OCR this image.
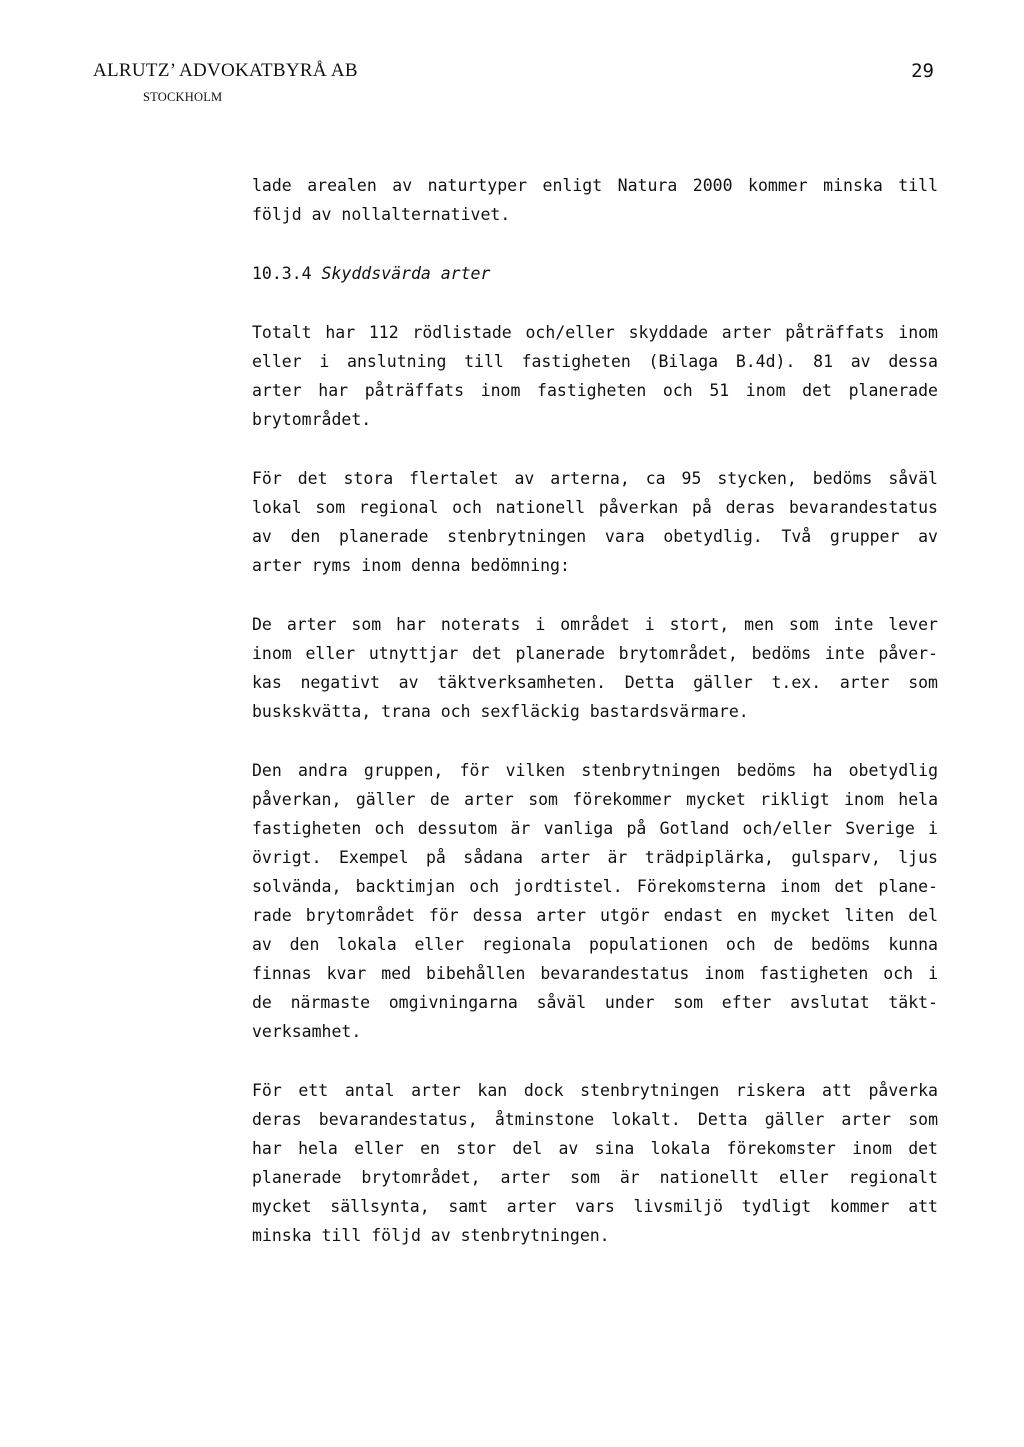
ALRUTZ’ ADVOKATBYRÅ AB
STOCKHOLM
29
lade arealen av naturtyper enligt Natura 2000 kommer minska till
följd av nollalternativet.
10.3.4 Skyddsvärda arter
Totalt har 112 rödlistade och/eller skyddade arter påträffats inom
eller i anslutning till fastigheten (Bilaga B.4d). 81 av dessa
arter har påträffats inom fastigheten och 51 inom det planerade
brytområdet.
För det stora flertalet av arterna, ca 95 stycken, bedöms såväl
lokal som regional och nationell påverkan på deras bevarandestatus
av den planerade stenbrytningen vara obetydlig. Två grupper av
arter ryms inom denna bedömning:
De arter som har noterats i området i stort, men som inte lever
inom eller utnyttjar det planerade brytområdet, bedöms inte påver-
kas negativt av täktverksamheten. Detta gäller t.ex. arter som
buskskvätta, trana och sexfläckig bastardsvärmare.
Den andra gruppen, för vilken stenbrytningen bedöms ha obetydlig
påverkan, gäller de arter som förekommer mycket rikligt inom hela
fastigheten och dessutom är vanliga på Gotland och/eller Sverige i
övrigt. Exempel på sådana arter är trädpiplärka, gulsparv, ljus
solvända, backtimjan och jordtistel. Förekomsterna inom det plane-
rade brytområdet för dessa arter utgör endast en mycket liten del
av den lokala eller regionala populationen och de bedöms kunna
finnas kvar med bibehållen bevarandestatus inom fastigheten och i
de närmaste omgivningarna såväl under som efter avslutat täkt-
verksamhet.
För ett antal arter kan dock stenbrytningen riskera att påverka
deras bevarandestatus, åtminstone lokalt. Detta gäller arter som
har hela eller en stor del av sina lokala förekomster inom det
planerade brytområdet, arter som är nationellt eller regionalt
mycket sällsynta, samt arter vars livsmiljö tydligt kommer att
minska till följd av stenbrytningen.
